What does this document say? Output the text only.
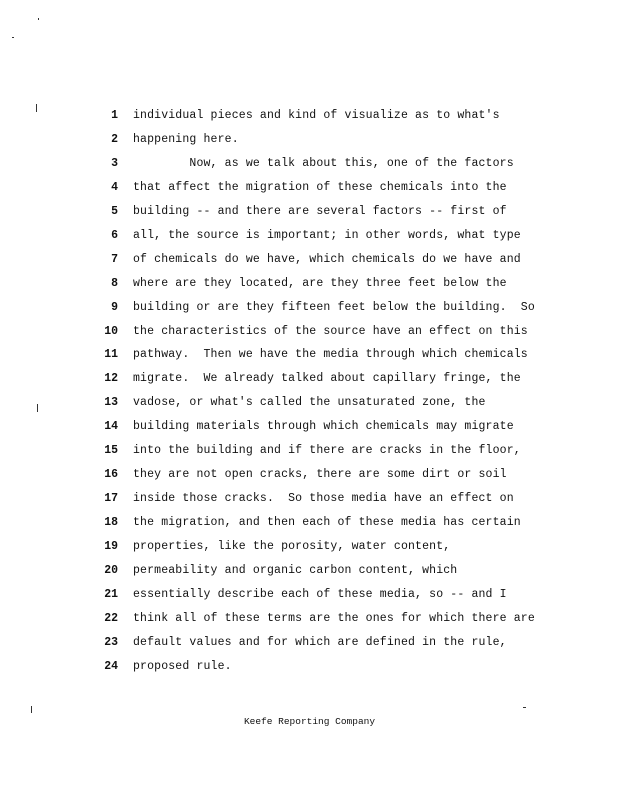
1 individual pieces and kind of visualize as to what's
2 happening here.
3 Now, as we talk about this, one of the factors
4 that affect the migration of these chemicals into the
5 building -- and there are several factors -- first of
6 all, the source is important; in other words, what type
7 of chemicals do we have, which chemicals do we have and
8 where are they located, are they three feet below the
9 building or are they fifteen feet below the building.  So
10 the characteristics of the source have an effect on this
11 pathway.  Then we have the media through which chemicals
12 migrate.  We already talked about capillary fringe, the
13 vadose, or what's called the unsaturated zone, the
14 building materials through which chemicals may migrate
15 into the building and if there are cracks in the floor,
16 they are not open cracks, there are some dirt or soil
17 inside those cracks.  So those media have an effect on
18 the migration, and then each of these media has certain
19 properties, like the porosity, water content,
20 permeability and organic carbon content, which
21 essentially describe each of these media, so -- and I
22 think all of these terms are the ones for which there are
23 default values and for which are defined in the rule,
24 proposed rule.
Keefe Reporting Company
